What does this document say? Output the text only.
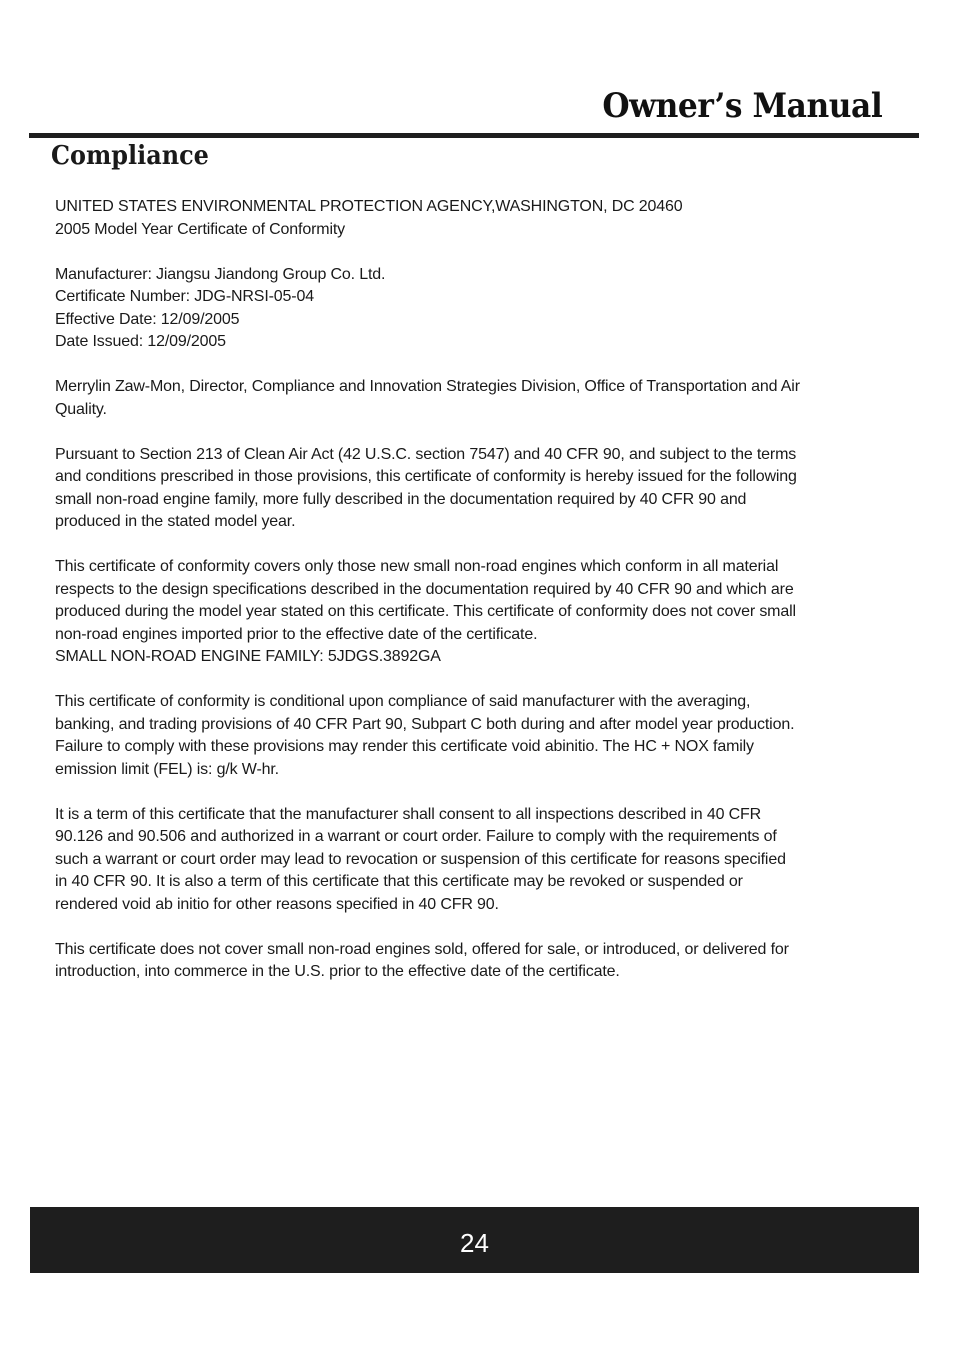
Owner’s Manual
Compliance
UNITED STATES ENVIRONMENTAL PROTECTION AGENCY,WASHINGTON, DC 20460
2005 Model Year Certificate of Conformity
Manufacturer: Jiangsu Jiandong Group Co. Ltd.
Certificate Number: JDG-NRSI-05-04
Effective Date: 12/09/2005
Date Issued: 12/09/2005
Merrylin Zaw-Mon, Director, Compliance and Innovation Strategies Division, Office of Transportation and Air
Quality.
Pursuant to Section 213 of Clean Air Act (42 U.S.C. section 7547) and 40 CFR 90, and subject to the terms
and conditions prescribed in those provisions, this certificate of conformity is hereby issued for the following
small non-road engine family, more fully described in the documentation required by 40 CFR 90 and
produced in the stated model year.
This certificate of conformity covers only those new small non-road engines which conform in all material
respects to the design specifications described in the documentation required by 40 CFR 90 and which are
produced during the model year stated on this certificate. This certificate of conformity does not cover small
non-road engines imported prior to the effective date of the certificate.
SMALL NON-ROAD ENGINE FAMILY: 5JDGS.3892GA
This certificate of conformity is conditional upon compliance of said manufacturer with the averaging,
banking, and trading provisions of 40 CFR Part 90, Subpart C both during and after model year production.
Failure to comply with these provisions may render this certificate void abinitio. The HC + NOX family
emission limit (FEL) is: g/k W-hr.
It is a term of this certificate that the manufacturer shall consent to all inspections described in 40 CFR
90.126 and 90.506 and authorized in a warrant or court order. Failure to comply with the requirements of
such a warrant or court order may lead to revocation or suspension of this certificate for reasons specified
in 40 CFR 90. It is also a term of this certificate that this certificate may be revoked or suspended or
rendered void ab initio for other reasons specified in 40 CFR 90.
This certificate does not cover small non-road engines sold, offered for sale, or introduced, or delivered for
introduction, into commerce in the U.S. prior to the effective date of the certificate.
24
